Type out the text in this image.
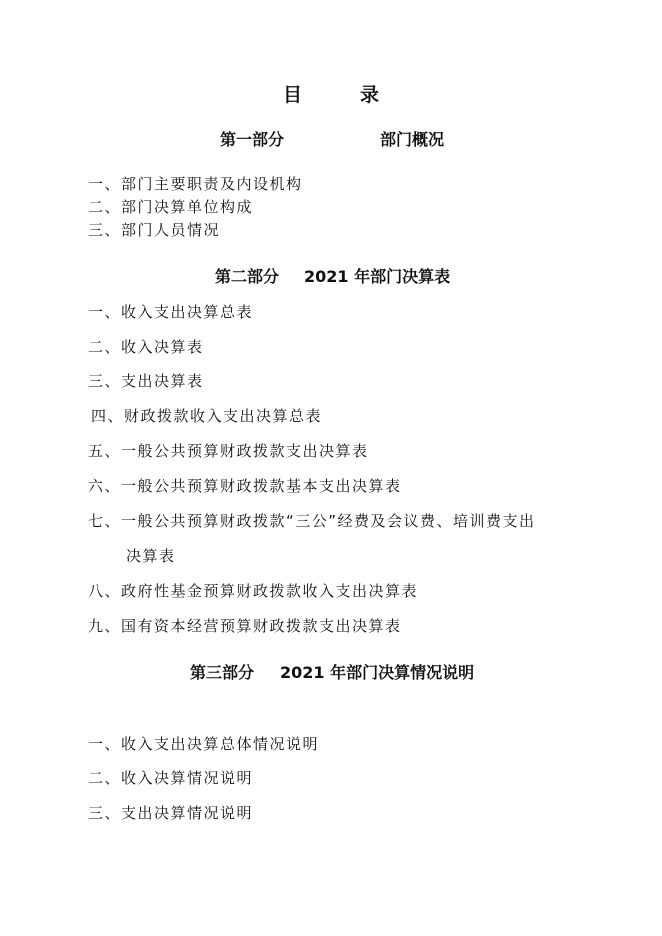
目	录
第一部分	部门概况
一、部门主要职责及内设机构
二、部门决算单位构成
三、部门人员情况
第二部分 2021 年部门决算表
一、收入支出决算总表
二、收入决算表
三、支出决算表
四、财政拨款收入支出决算总表
五、一般公共预算财政拨款支出决算表
六、一般公共预算财政拨款基本支出决算表
七、一般公共预算财政拨款“三公”经费及会议费、培训费支出
决算表
八、政府性基金预算财政拨款收入支出决算表
九、国有资本经营预算财政拨款支出决算表
第三部分 2021 年部门决算情况说明
一、收入支出决算总体情况说明
二、收入决算情况说明
三、支出决算情况说明
